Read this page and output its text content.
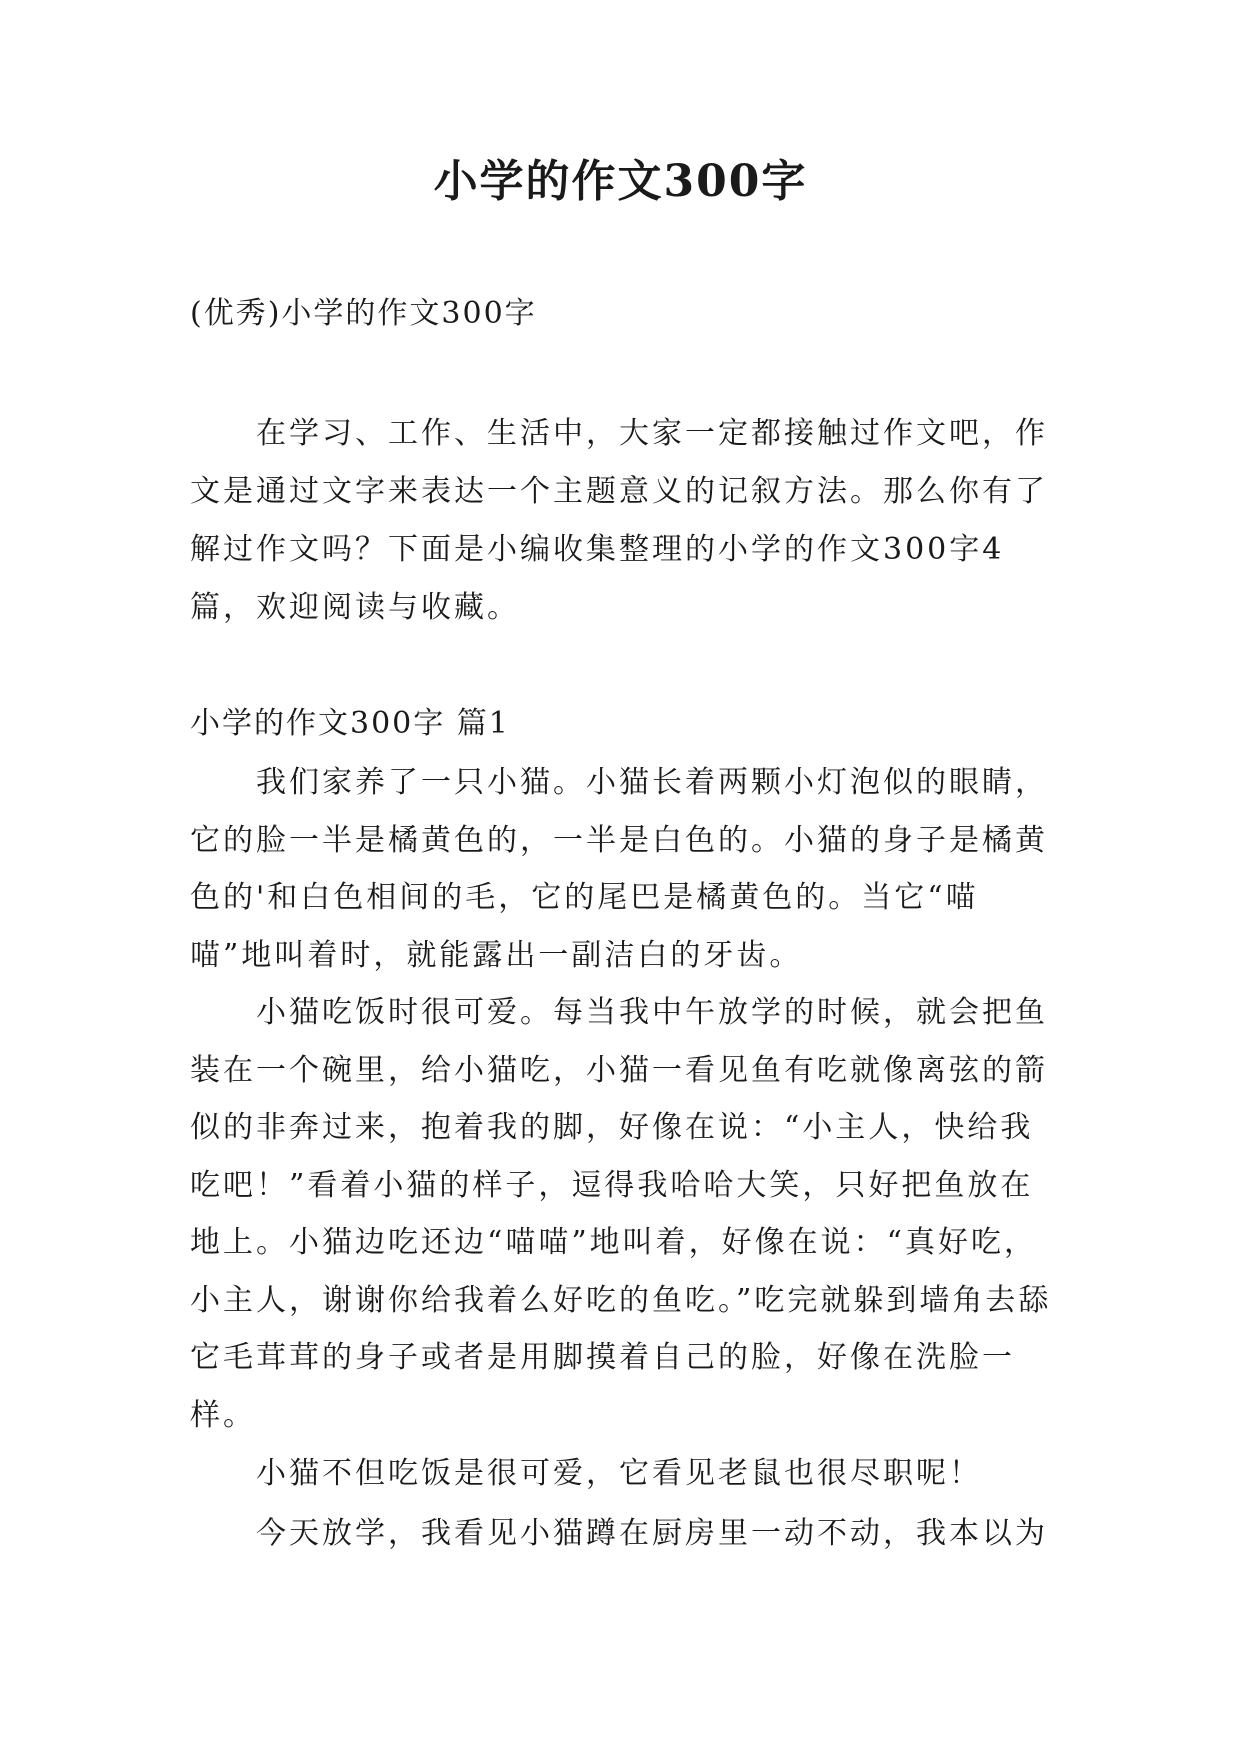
小学的作文300字

(优秀)小学的作文300字

在学习、工作、生活中，大家一定都接触过作文吧，作文是通过文字来表达一个主题意义的记叙方法。那么你有了解过作文吗？下面是小编收集整理的小学的作文300字4篇，欢迎阅读与收藏。

小学的作文300字 篇1

我们家养了一只小猫。小猫长着两颗小灯泡似的眼睛，它的脸一半是橘黄色的，一半是白色的。小猫的身子是橘黄色的'和白色相间的毛，它的尾巴是橘黄色的。当它“喵喵”地叫着时，就能露出一副洁白的牙齿。

小猫吃饭时很可爱。每当我中午放学的时候，就会把鱼装在一个碗里，给小猫吃，小猫一看见鱼有吃就像离弦的箭似的非奔过来，抱着我的脚，好像在说：“小主人，快给我吃吧！”看着小猫的样子，逗得我哈哈大笑，只好把鱼放在地上。小猫边吃还边“喵喵”地叫着，好像在说：“真好吃，小主人，谢谢你给我着么好吃的鱼吃。”吃完就躲到墙角去舔它毛茸茸的身子或者是用脚摸着自己的脸，好像在洗脸一样。

小猫不但吃饭是很可爱，它看见老鼠也很尽职呢！

今天放学，我看见小猫蹲在厨房里一动不动，我本以为
